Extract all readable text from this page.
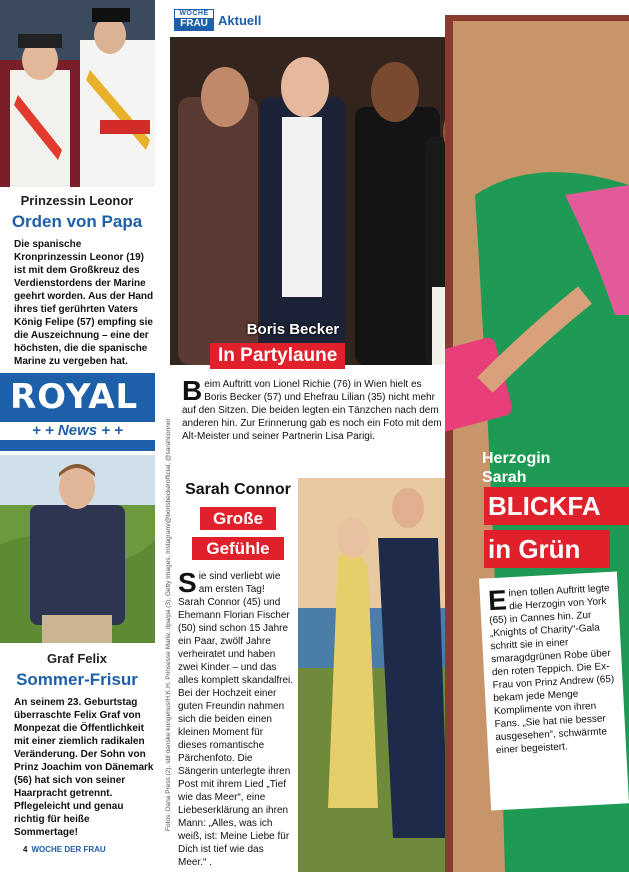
WOCHE
FRAU Aktuell
Prinzessin Leonor
Orden von Papa
Die spanische Kronprinzessin Leonor (19) ist mit dem Großkreuz des Verdienstordens der Marine geehrt worden. Aus der Hand ihres tief gerührten Vaters König Felipe (57) empfing sie die Auszeichnung – eine der höchsten, die die spanische Marine zu vergeben hat.
ROYAL
+ + News + +
Graf Felix
Sommer-Frisur
An seinem 23. Geburtstag überraschte Felix Graf von Monpezat die Öffentlichkeit mit einer ziemlich radikalen Veränderung. Der Sohn von Prinz Joachim von Dänemark (56) hat sich von seiner Haarpracht getrennt. Pflegeleicht und genau richtig für heiße Sommertage!
Boris Becker
In Partylaune
Beim Auftritt von Lionel Richie (76) in Wien hielt es Boris Becker (57) und Ehefrau Lilian (35) nicht mehr auf den Sitzen. Die beiden legten ein Tänzchen nach dem anderen hin. Zur Erinnerung gab es noch ein Foto mit dem Alt-Meister und seiner Partnerin Lisa Parigi.
Sarah Connor
Große
Gefühle
Sie sind verliebt wie am ersten Tag! Sarah Connor (45) und Ehemann Florian Fischer (50) sind schon 15 Jahre ein Paar, zwölf Jahre verheiratet und haben zwei Kinder – und das alles komplett skandalfrei. Bei der Hochzeit einer guten Freundin nahmen sich die beiden einen kleinen Moment für dieses romantische Pärchenfoto. Die Sängerin unterlegte ihren Post mit ihrem Lied „Tief wie das Meer“, eine Liebeserklärung an ihren Mann: „Alles, was ich weiß, ist: Meine Liebe für Dich ist tief wie das Meer.“ .
Herzogin
Sarah
BLICKFA
in Grün
Einen tollen Auftritt legte die Herzogin von York (65) in Cannes hin. Zur „Knights of Charity“-Gala schritt sie in einer smaragdgrünen Robe über den roten Teppich. Die Ex-Frau von Prinz Andrew (65) bekam jede Menge Komplimente von ihren Fans. „Sie hat nie besser ausgesehen“, schwärmte einer begeistert.
Fotos: Dana Press (2), sbt danske kongehus/H.K.H. Prinsesse Marie, dpa/pa (3), Getty Images, Instagram/@borisbeckerofficial, @sarahconnor
4 WOCHE DER FRAU
